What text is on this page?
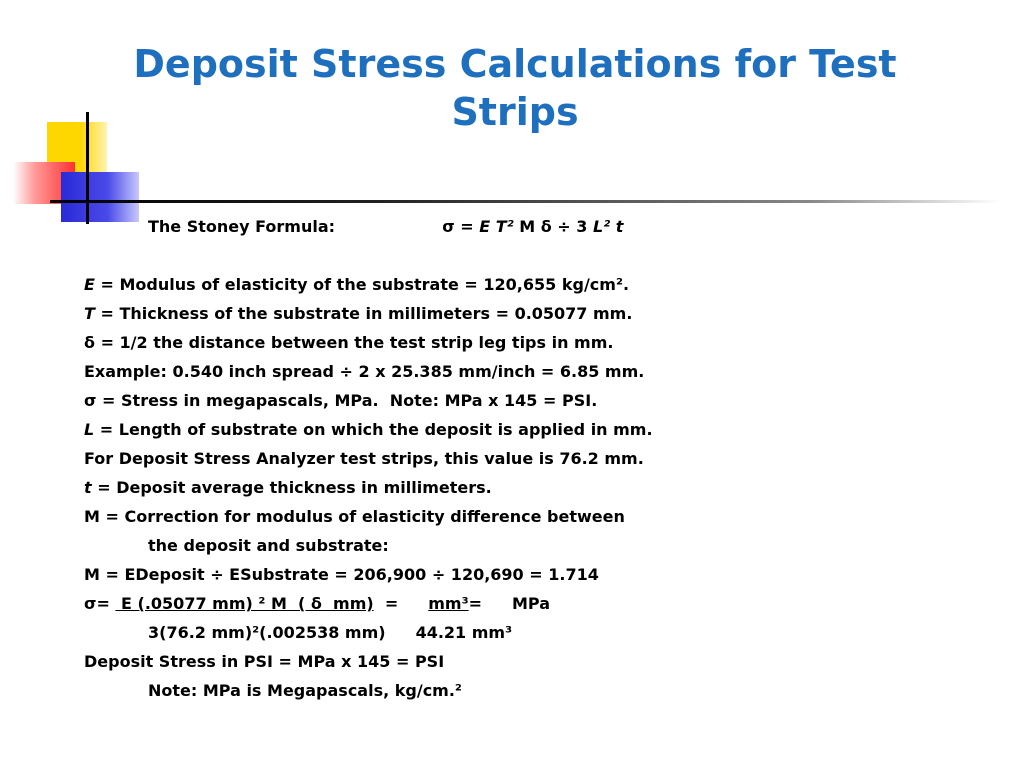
Deposit Stress Calculations for Test
Strips
The Stoney Formula:	σ = E T² M δ ÷ 3 L² t
E = Modulus of elasticity of the substrate = 120,655 kg/cm².
T = Thickness of the substrate in millimeters = 0.05077 mm.
δ = 1/2 the distance between the test strip leg tips in mm.
Example: 0.540 inch spread ÷ 2 x 25.385 mm/inch = 6.85 mm.
σ = Stress in megapascals, MPa.  Note: MPa x 145 = PSI.
L = Length of substrate on which the deposit is applied in mm.
For Deposit Stress Analyzer test strips, this value is 76.2 mm.
t = Deposit average thickness in millimeters.
M = Correction for modulus of elasticity difference between
the deposit and substrate:
M = EDeposit ÷ ESubstrate = 206,900 ÷ 120,690 = 1.714
σ=  E (.05077 mm) ² M  ( δ  mm)  = mm³= MPa
3(76.2 mm)²(.002538 mm) 44.21 mm³
Deposit Stress in PSI = MPa x 145 = PSI
Note: MPa is Megapascals, kg/cm.²
